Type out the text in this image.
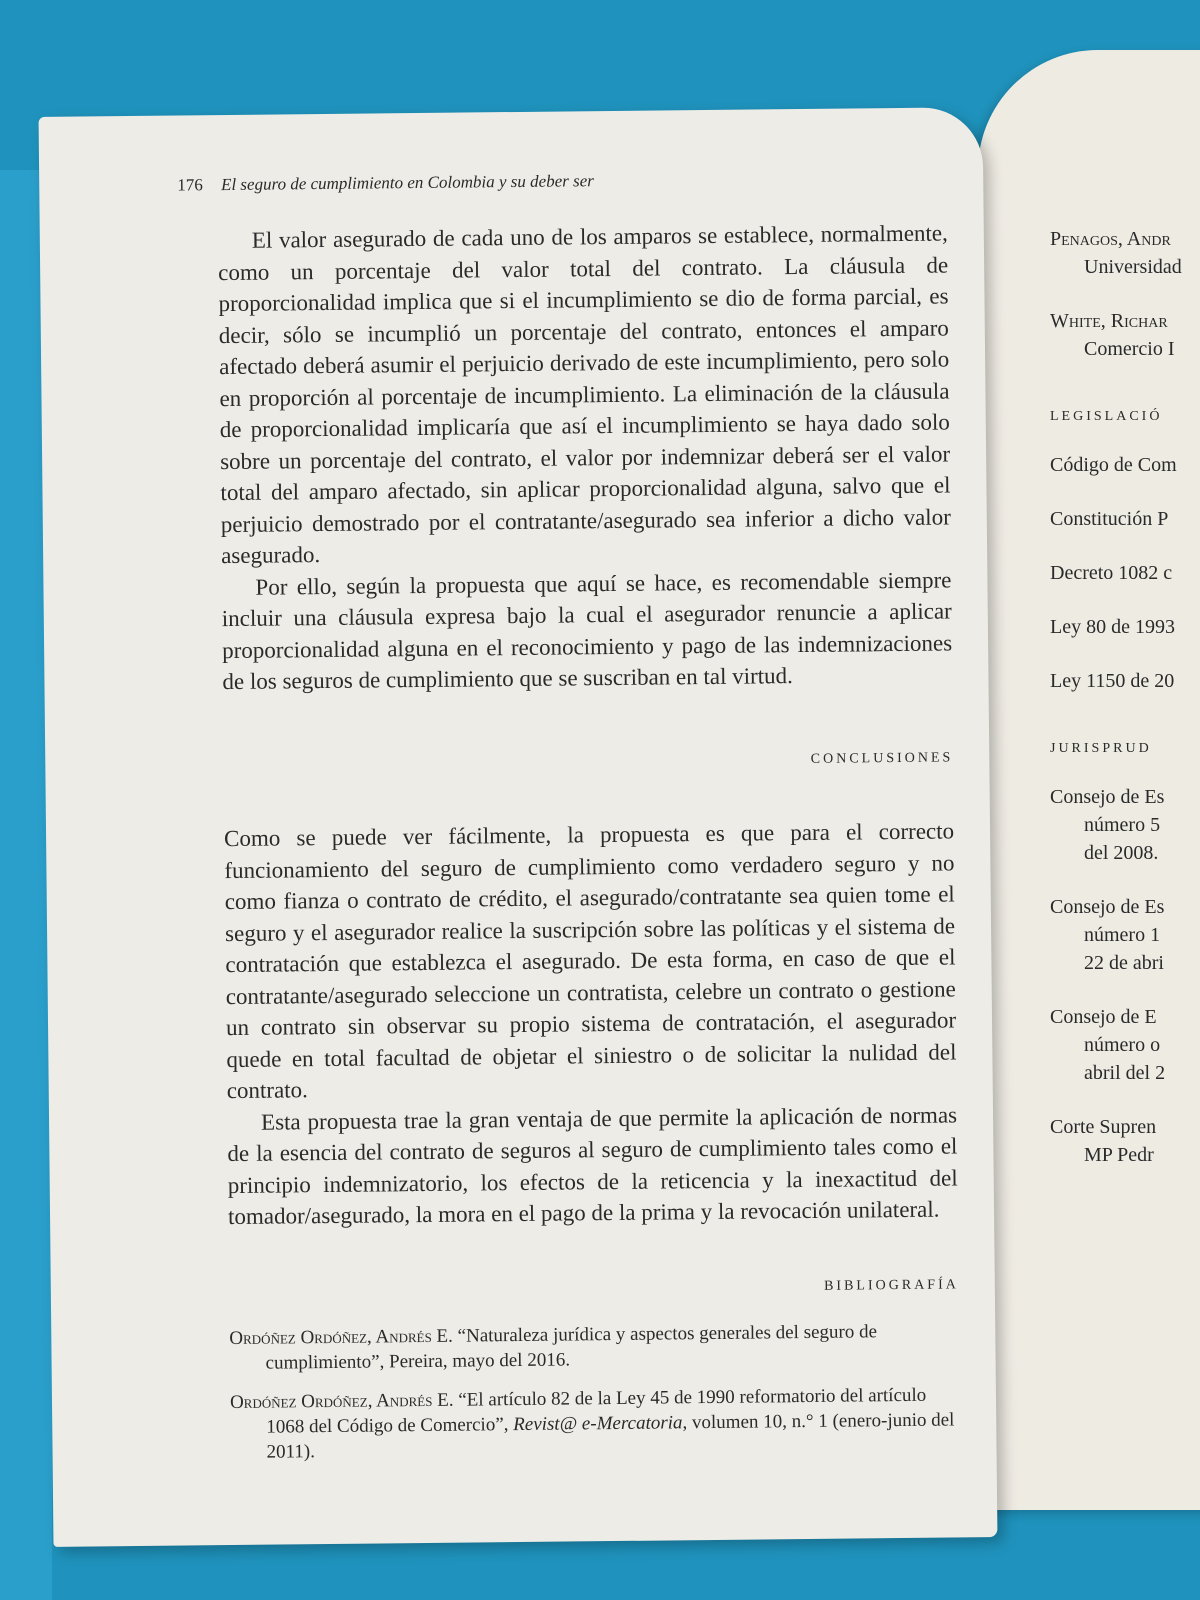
Penagos, Andr
Universidad
White, Richar
Comercio I
LEGISLACIÓ
Código de Com
Constitución P
Decreto 1082 c
Ley 80 de 1993
Ley 1150 de 20
JURISPRUD
Consejo de Es
número 5
del 2008.
Consejo de Es
número 1
22 de abri
Consejo de E
número o
abril del 2
Corte Supren
MP Pedr
176 El seguro de cumplimiento en Colombia y su deber ser

El valor asegurado de cada uno de los amparos se establece, normalmente, como un porcentaje del valor total del contrato. La cláusula de proporcionalidad implica que si el incumplimiento se dio de forma parcial, es decir, sólo se incumplió un porcentaje del contrato, entonces el amparo afectado deberá asumir el perjuicio derivado de este incumplimiento, pero solo en proporción al porcentaje de incumplimiento. La eliminación de la cláusula de proporcionalidad implicaría que así el incumplimiento se haya dado solo sobre un porcentaje del contrato, el valor por indemnizar deberá ser el valor total del amparo afectado, sin aplicar proporcionalidad alguna, salvo que el perjuicio demostrado por el contratante/asegurado sea inferior a dicho valor asegurado.

Por ello, según la propuesta que aquí se hace, es recomendable siempre incluir una cláusula expresa bajo la cual el asegurador renuncie a aplicar proporcionalidad alguna en el reconocimiento y pago de las indemnizaciones de los seguros de cumplimiento que se suscriban en tal virtud.

CONCLUSIONES

Como se puede ver fácilmente, la propuesta es que para el correcto funcionamiento del seguro de cumplimiento como verdadero seguro y no como fianza o contrato de crédito, el asegurado/contratante sea quien tome el seguro y el asegurador realice la suscripción sobre las políticas y el sistema de contratación que establezca el asegurado. De esta forma, en caso de que el contratante/asegurado seleccione un contratista, celebre un contrato o gestione un contrato sin observar su propio sistema de contratación, el asegurador quede en total facultad de objetar el siniestro o de solicitar la nulidad del contrato.

Esta propuesta trae la gran ventaja de que permite la aplicación de normas de la esencia del contrato de seguros al seguro de cumplimiento tales como el principio indemnizatorio, los efectos de la reticencia y la inexactitud del tomador/asegurado, la mora en el pago de la prima y la revocación unilateral.

BIBLIOGRAFÍA
Ordóñez Ordóñez, Andrés E. “Naturaleza jurídica y aspectos generales del seguro de cumplimiento”, Pereira, mayo del 2016.
Ordóñez Ordóñez, Andrés E. “El artículo 82 de la Ley 45 de 1990 reformatorio del artículo 1068 del Código de Comercio”, Revist@ e-Mercatoria, volumen 10, n.° 1 (enero-junio del 2011).
